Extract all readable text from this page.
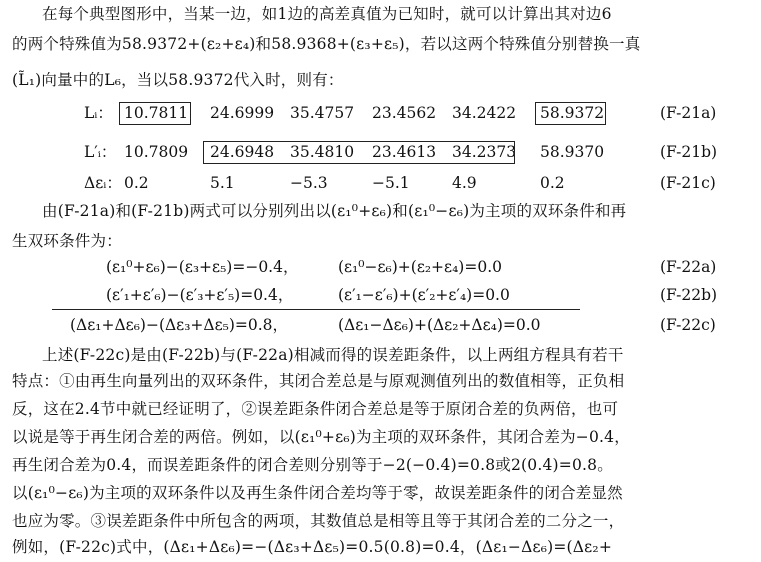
在每个典型图形中，当某一边，如1边的高差真值为已知时，就可以计算出其对边6
的两个特殊值为58.9372+(ε₂+ε₄)和58.9368+(ε₃+ε₅)，若以这两个特殊值分别替换一真
(L̃₁)向量中的L₆，当以58.9372代入时，则有：
Lᵢ： 10.7811 24.6999 35.4757 23.4562 34.2422 58.9372	(F-21a)
L′ᵢ： 10.7809 24.6948 35.4810 23.4613 34.2373 58.9370	(F-21b)
Δεᵢ： 0.2	5.1	−5.3	−5.1	4.9	0.2	(F-21c)
由(F-21a)和(F-21b)两式可以分别列出以(ε₁⁰+ε₆)和(ε₁⁰−ε₆)为主项的双环条件和再
生双环条件为：
(ε₁⁰+ε₆)−(ε₃+ε₅)=−0.4，	(ε₁⁰−ε₆)+(ε₂+ε₄)=0.0	(F-22a)
(ε′₁+ε′₆)−(ε′₃+ε′₅)=0.4，	(ε′₁−ε′₆)+(ε′₂+ε′₄)=0.0	(F-22b)
(Δε₁+Δε₆)−(Δε₃+Δε₅)=0.8，	(Δε₁−Δε₆)+(Δε₂+Δε₄)=0.0	(F-22c)
上述(F-22c)是由(F-22b)与(F-22a)相减而得的误差距条件，以上两组方程具有若干
特点：①由再生向量列出的双环条件，其闭合差总是与原观测值列出的数值相等，正负相
反，这在2.4节中就已经证明了，②误差距条件闭合差总是等于原闭合差的负两倍，也可
以说是等于再生闭合差的两倍。例如，以(ε₁⁰+ε₆)为主项的双环条件，其闭合差为−0.4，
再生闭合差为0.4，而误差距条件的闭合差则分别等于−2(−0.4)=0.8或2(0.4)=0.8。
以(ε₁⁰−ε₆)为主项的双环条件以及再生条件闭合差均等于零，故误差距条件的闭合差显然
也应为零。③误差距条件中所包含的两项，其数值总是相等且等于其闭合差的二分之一，
例如，(F-22c)式中，(Δε₁+Δε₆)=−(Δε₃+Δε₅)=0.5(0.8)=0.4，(Δε₁−Δε₆)=(Δε₂+
